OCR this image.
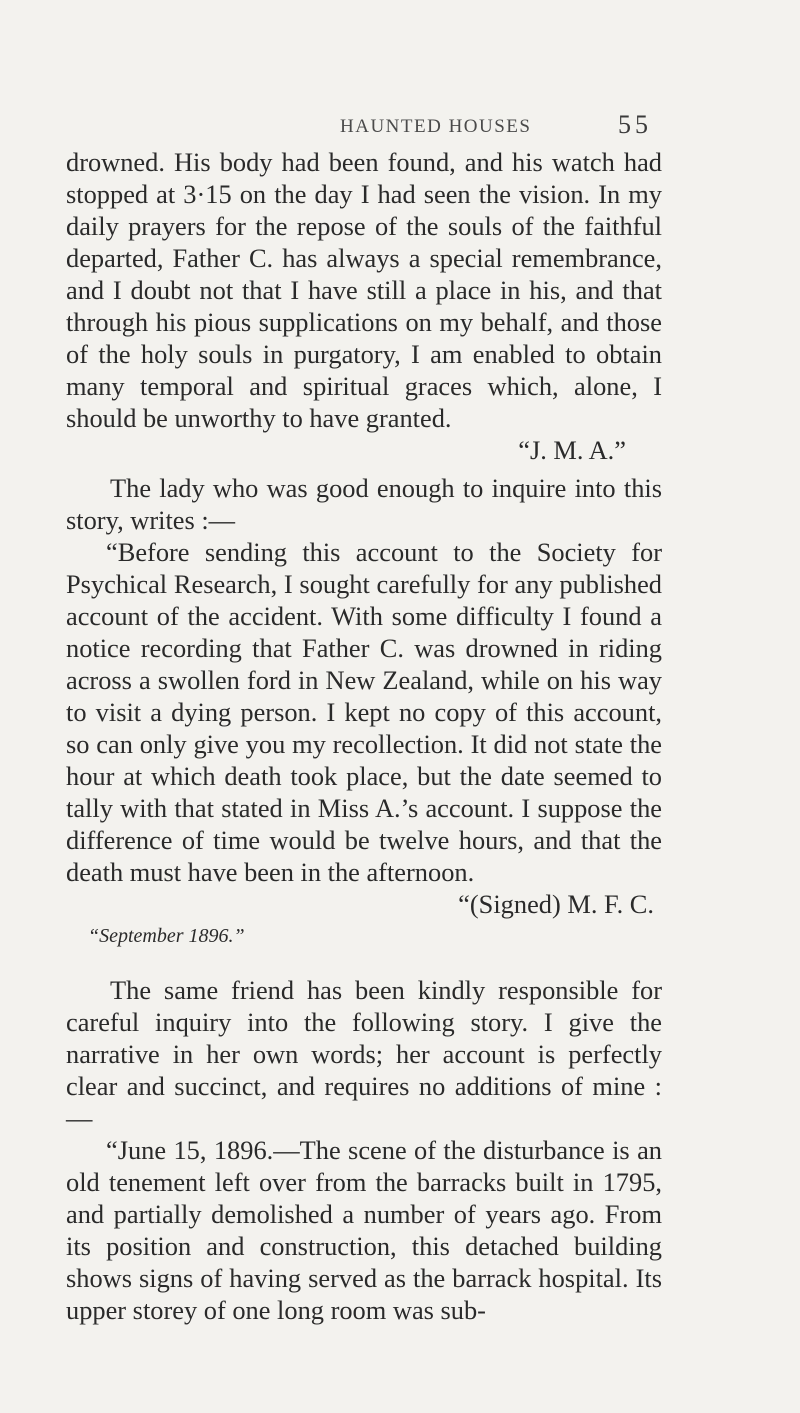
HAUNTED HOUSES	55

drowned. His body had been found, and his watch had stopped at 3·15 on the day I had seen the vision. In my daily prayers for the repose of the souls of the faithful departed, Father C. has always a special remembrance, and I doubt not that I have still a place in his, and that through his pious supplications on my behalf, and those of the holy souls in purgatory, I am enabled to obtain many temporal and spiritual graces which, alone, I should be unworthy to have granted.

“J. M. A.”

The lady who was good enough to inquire into this story, writes :—

“Before sending this account to the Society for Psychical Research, I sought carefully for any published account of the accident. With some difficulty I found a notice recording that Father C. was drowned in riding across a swollen ford in New Zealand, while on his way to visit a dying person. I kept no copy of this account, so can only give you my recollection. It did not state the hour at which death took place, but the date seemed to tally with that stated in Miss A.’s account. I suppose the difference of time would be twelve hours, and that the death must have been in the afternoon.

“(Signed) M. F. C.

“September 1896.”

The same friend has been kindly responsible for careful inquiry into the following story. I give the narrative in her own words; her account is perfectly clear and succinct, and requires no additions of mine :—

“June 15, 1896.—The scene of the disturbance is an old tenement left over from the barracks built in 1795, and partially demolished a number of years ago. From its position and construction, this detached building shows signs of having served as the barrack hospital. Its upper storey of one long room was sub-
